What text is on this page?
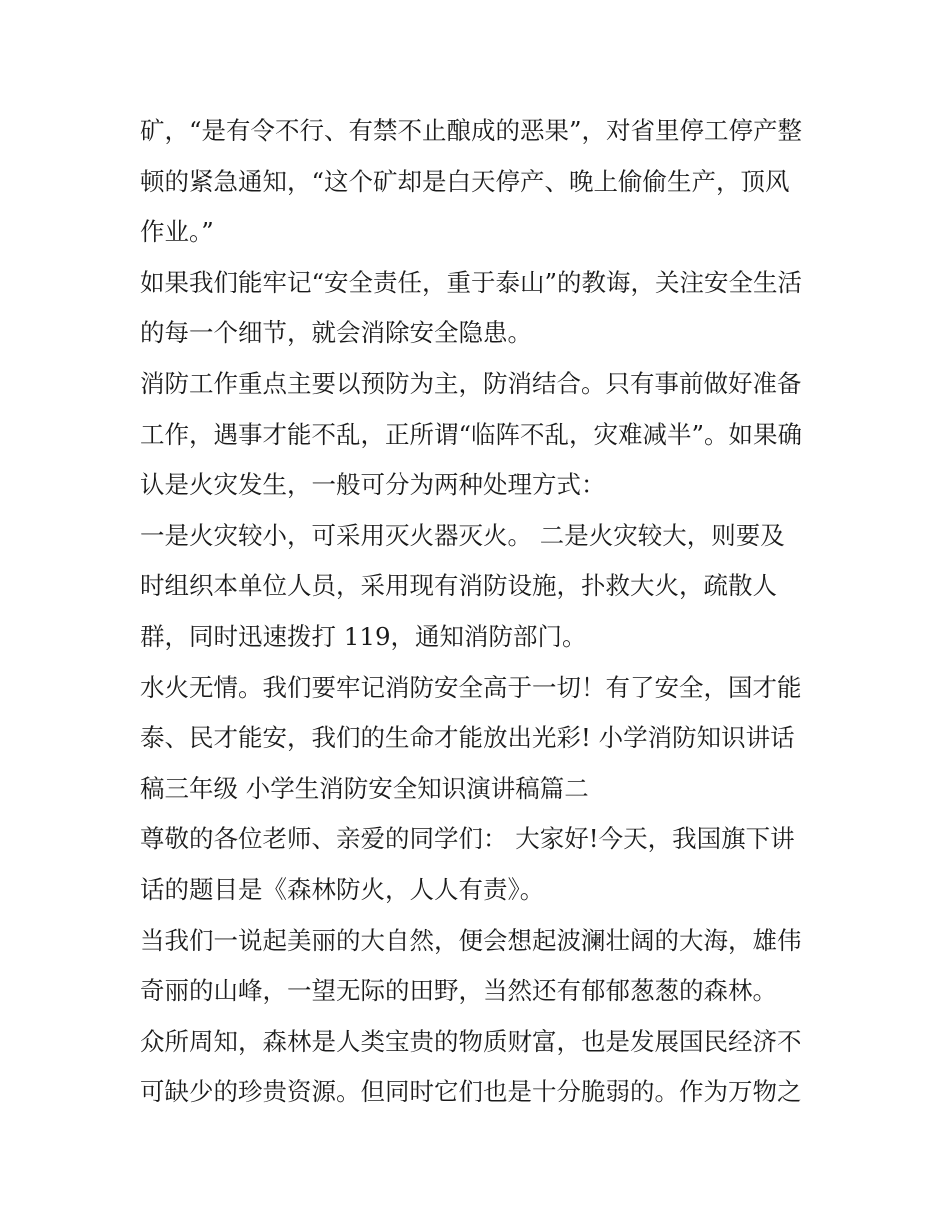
矿，“是有令不行、有禁不止酿成的恶果”，对省里停工停产整
顿的紧急通知，“这个矿却是白天停产、晚上偷偷生产，顶风
作业。”
如果我们能牢记“安全责任，重于泰山”的教诲，关注安全生活
的每一个细节，就会消除安全隐患。
消防工作重点主要以预防为主，防消结合。只有事前做好准备
工作，遇事才能不乱，正所谓“临阵不乱，灾难减半”。如果确
认是火灾发生，一般可分为两种处理方式：
一是火灾较小，可采用灭火器灭火。 二是火灾较大，则要及
时组织本单位人员，采用现有消防设施，扑救大火，疏散人
群，同时迅速拨打 119，通知消防部门。
水火无情。我们要牢记消防安全高于一切！有了安全，国才能
泰、民才能安，我们的生命才能放出光彩! 小学消防知识讲话
稿三年级 小学生消防安全知识演讲稿篇二
尊敬的各位老师、亲爱的同学们： 大家好!今天，我国旗下讲
话的题目是《森林防火，人人有责》。
当我们一说起美丽的大自然，便会想起波澜壮阔的大海，雄伟
奇丽的山峰，一望无际的田野，当然还有郁郁葱葱的森林。
众所周知，森林是人类宝贵的物质财富，也是发展国民经济不
可缺少的珍贵资源。但同时它们也是十分脆弱的。作为万物之
